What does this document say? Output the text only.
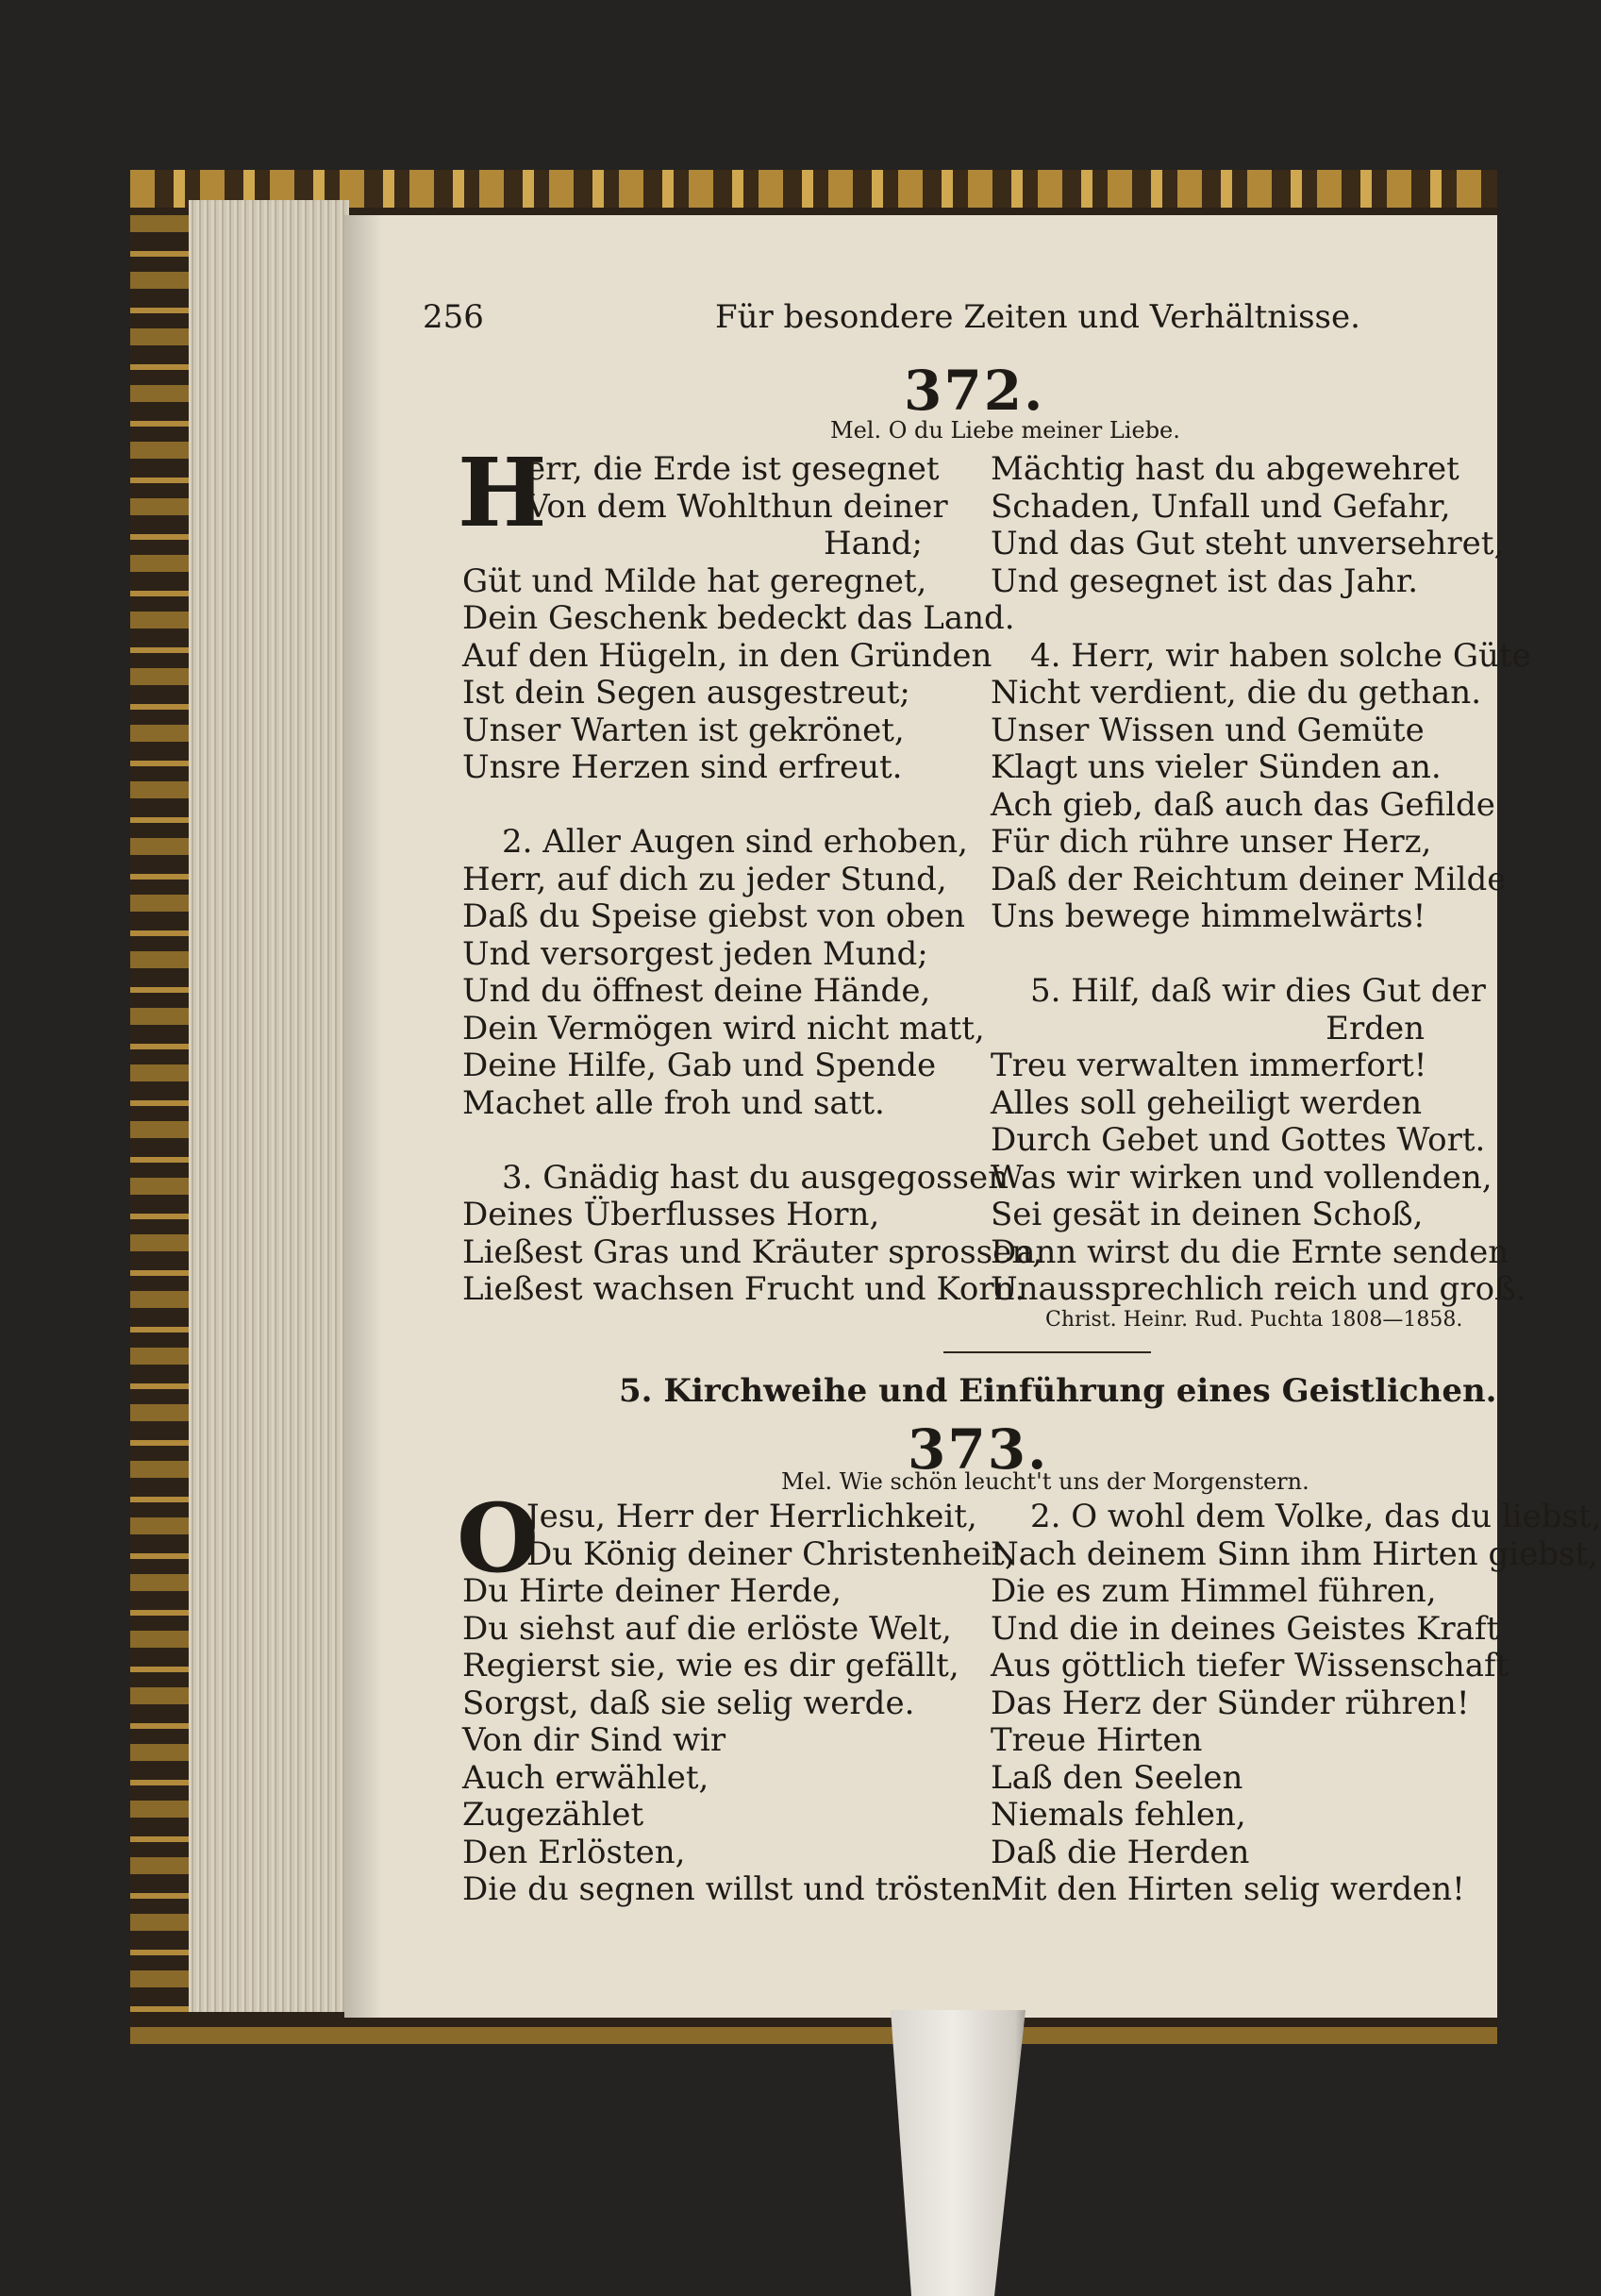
256	Für besondere Zeiten und Verhältnisse.
372.
Mel. O du Liebe meiner Liebe.
H
err, die Erde ist gesegnet
Von dem Wohlthun deiner
Hand;
Güt und Milde hat geregnet,
Dein Geschenk bedeckt das Land.
Auf den Hügeln, in den Gründen
Ist dein Segen ausgestreut;
Unser Warten ist gekrönet,
Unsre Herzen sind erfreut.
2. Aller Augen sind erhoben,
Herr, auf dich zu jeder Stund,
Daß du Speise giebst von oben
Und versorgest jeden Mund;
Und du öffnest deine Hände,
Dein Vermögen wird nicht matt,
Deine Hilfe, Gab und Spende
Machet alle froh und satt.
3. Gnädig hast du ausgegossen
Deines Überflusses Horn,
Ließest Gras und Kräuter sprossen,
Ließest wachsen Frucht und Korn.
Mächtig hast du abgewehret
Schaden, Unfall und Gefahr,
Und das Gut steht unversehret,
Und gesegnet ist das Jahr.
4. Herr, wir haben solche Güte
Nicht verdient, die du gethan.
Unser Wissen und Gemüte
Klagt uns vieler Sünden an.
Ach gieb, daß auch das Gefilde
Für dich rühre unser Herz,
Daß der Reichtum deiner Milde
Uns bewege himmelwärts!
5. Hilf, daß wir dies Gut der
Erden
Treu verwalten immerfort!
Alles soll geheiligt werden
Durch Gebet und Gottes Wort.
Was wir wirken und vollenden,
Sei gesät in deinen Schoß,
Dann wirst du die Ernte senden
Unaussprechlich reich und groß.
Christ. Heinr. Rud. Puchta 1808—1858.
5. Kirchweihe und Einführung eines Geistlichen.
373.
Mel. Wie schön leucht't uns der Morgenstern.
O
Jesu, Herr der Herrlichkeit,
Du König deiner Christenheit,
Du Hirte deiner Herde,
Du siehst auf die erlöste Welt,
Regierst sie, wie es dir gefällt,
Sorgst, daß sie selig werde.
Von dir Sind wir
Auch erwählet,
Zugezählet
Den Erlösten,
Die du segnen willst und trösten.
2. O wohl dem Volke, das du liebst,
Nach deinem Sinn ihm Hirten giebst,
Die es zum Himmel führen,
Und die in deines Geistes Kraft
Aus göttlich tiefer Wissenschaft
Das Herz der Sünder rühren!
Treue Hirten
Laß den Seelen
Niemals fehlen,
Daß die Herden
Mit den Hirten selig werden!
